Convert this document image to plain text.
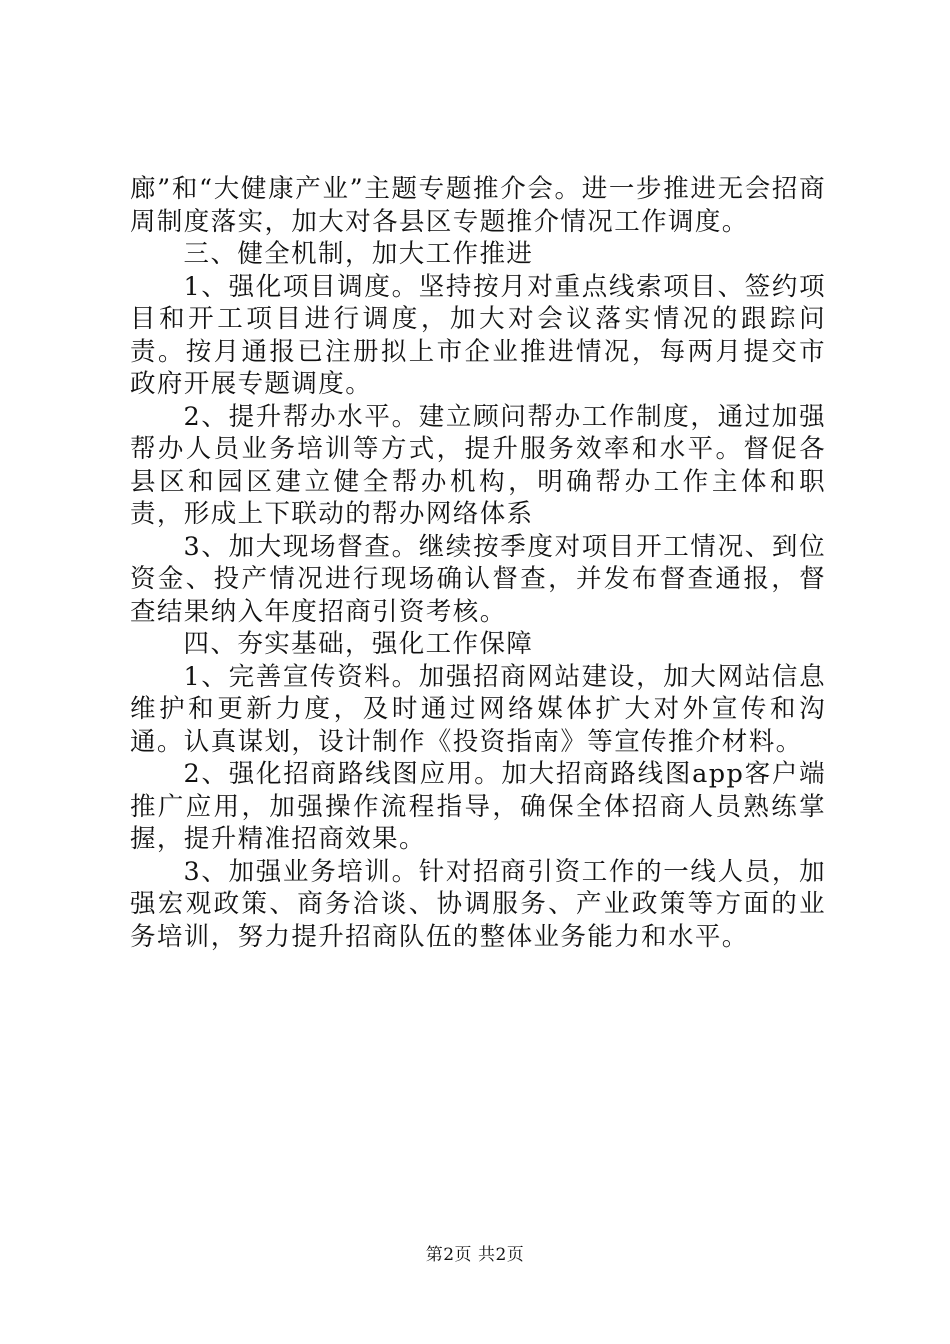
廊”和“大健康产业”主题专题推介会。进一步推进无会招商周制度落实，加大对各县区专题推介情况工作调度。

三、健全机制，加大工作推进

1、强化项目调度。坚持按月对重点线索项目、签约项目和开工项目进行调度，加大对会议落实情况的跟踪问责。按月通报已注册拟上市企业推进情况，每两月提交市政府开展专题调度。

2、提升帮办水平。建立顾问帮办工作制度，通过加强帮办人员业务培训等方式，提升服务效率和水平。督促各县区和园区建立健全帮办机构，明确帮办工作主体和职责，形成上下联动的帮办网络体系

3、加大现场督查。继续按季度对项目开工情况、到位资金、投产情况进行现场确认督查，并发布督查通报，督查结果纳入年度招商引资考核。

四、夯实基础，强化工作保障

1、完善宣传资料。加强招商网站建设，加大网站信息维护和更新力度，及时通过网络媒体扩大对外宣传和沟通。认真谋划，设计制作《投资指南》等宣传推介材料。

2、强化招商路线图应用。加大招商路线图app客户端推广应用，加强操作流程指导，确保全体招商人员熟练掌握，提升精准招商效果。

3、加强业务培训。针对招商引资工作的一线人员，加强宏观政策、商务洽谈、协调服务、产业政策等方面的业务培训，努力提升招商队伍的整体业务能力和水平。

第2页 共2页
